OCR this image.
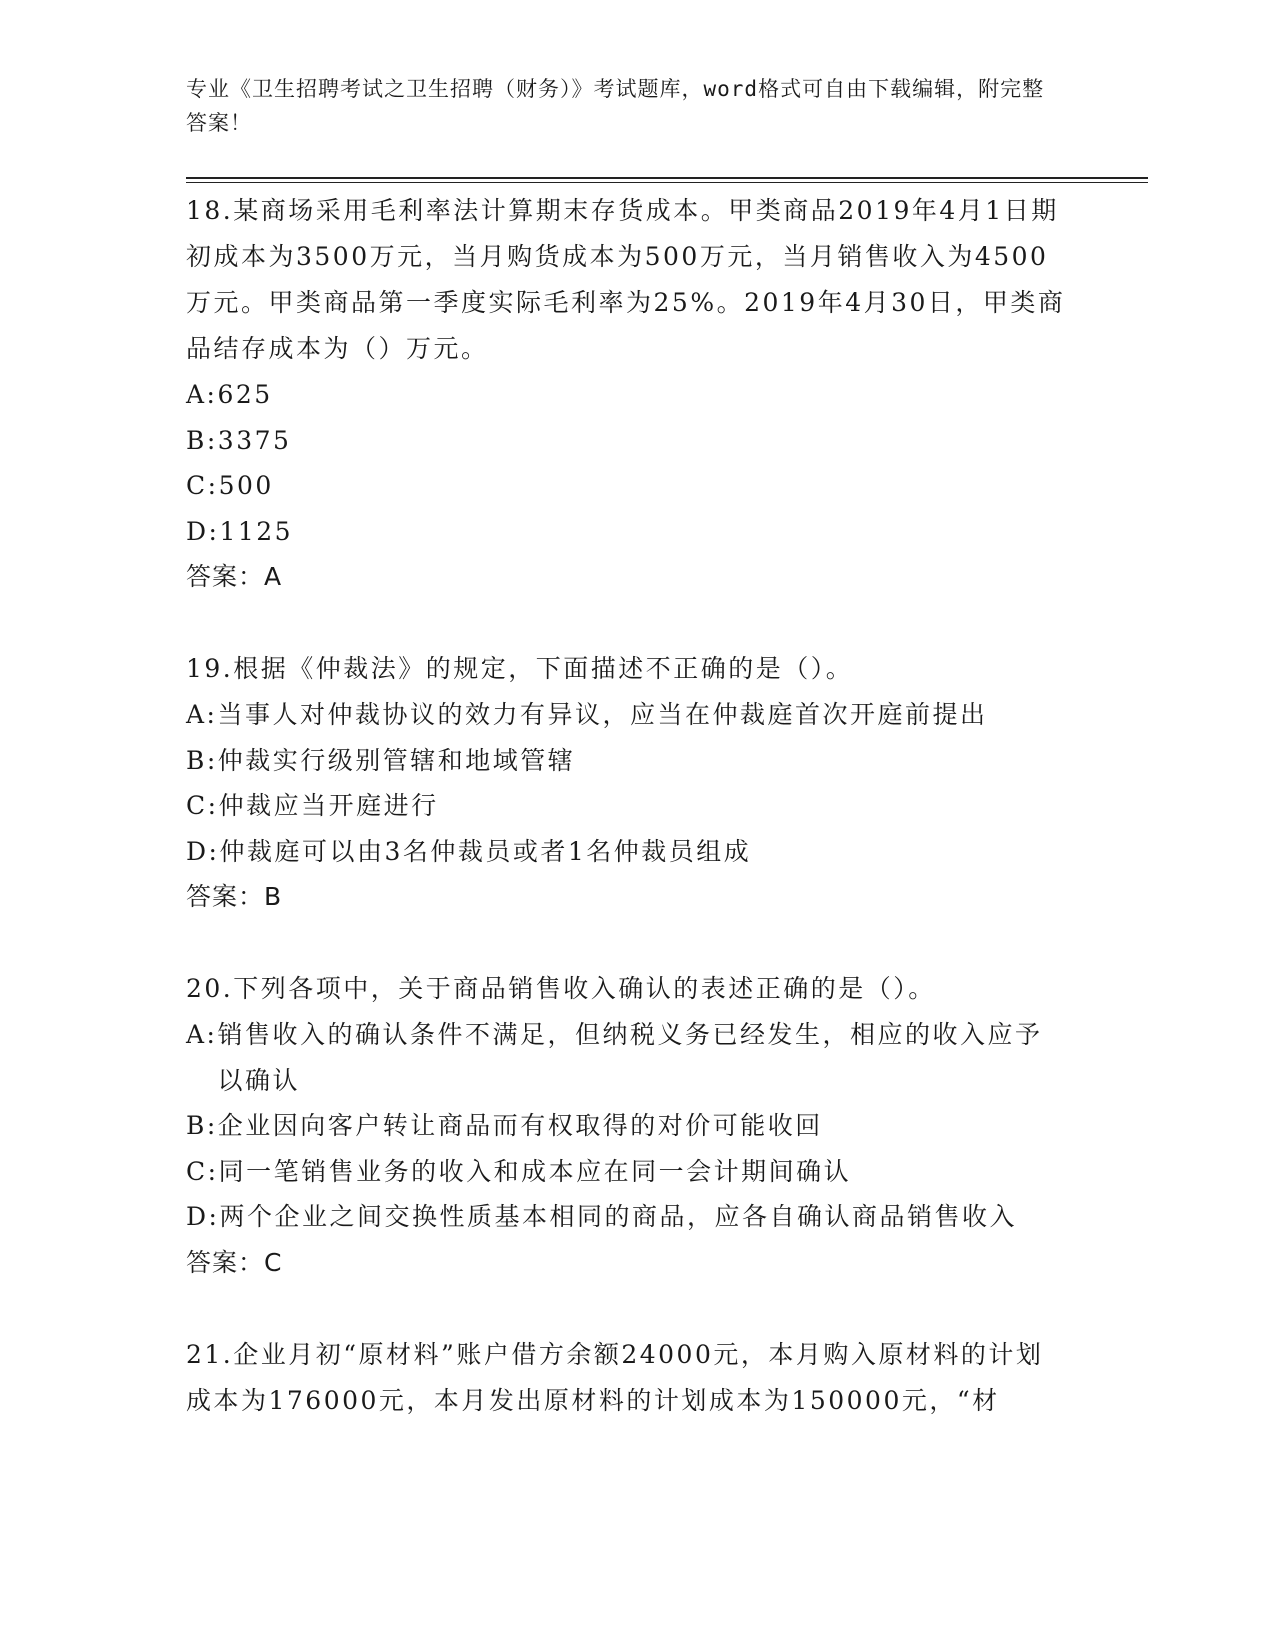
专业《卫生招聘考试之卫生招聘（财务）》考试题库，word格式可自由下载编辑，附完整答案！
18.某商场采用毛利率法计算期末存货成本。甲类商品2019年4月1日期初成本为3500万元，当月购货成本为500万元，当月销售收入为4500万元。甲类商品第一季度实际毛利率为25%。2019年4月30日，甲类商品结存成本为（）万元。
A: 625
B: 3375
C: 500
D: 1125
答案：A
19.根据《仲裁法》的规定，下面描述不正确的是（）。
A: 当事人对仲裁协议的效力有异议，应当在仲裁庭首次开庭前提出
B: 仲裁实行级别管辖和地域管辖
C: 仲裁应当开庭进行
D: 仲裁庭可以由3名仲裁员或者1名仲裁员组成
答案：B
20.下列各项中，关于商品销售收入确认的表述正确的是（）。
A: 销售收入的确认条件不满足，但纳税义务已经发生，相应的收入应予以确认
B: 企业因向客户转让商品而有权取得的对价可能收回
C: 同一笔销售业务的收入和成本应在同一会计期间确认
D: 两个企业之间交换性质基本相同的商品，应各自确认商品销售收入
答案：C
21.企业月初“原材料”账户借方余额24000元，本月购入原材料的计划成本为176000元，本月发出原材料的计划成本为150000元，“材
